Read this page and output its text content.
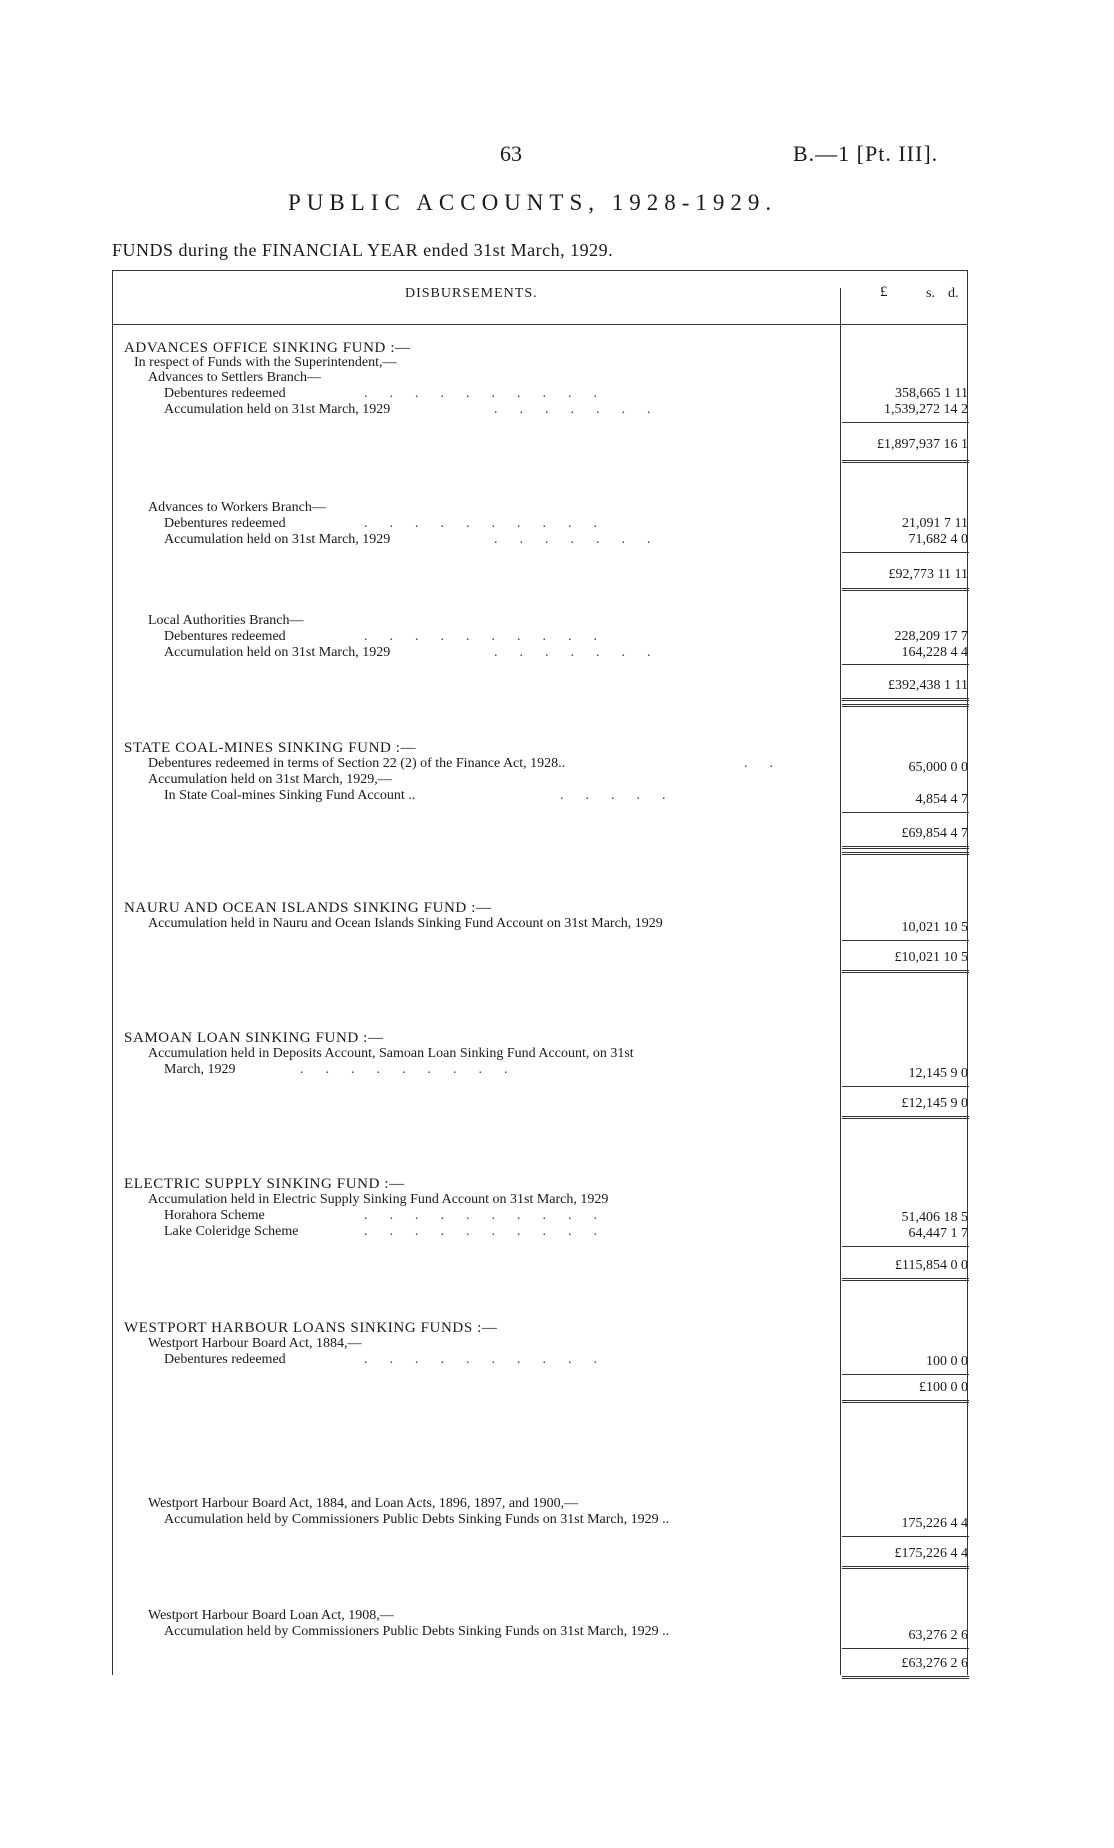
63	B.—1 [Pt. III].
PUBLIC ACCOUNTS, 1928-1929.
FUNDS during the FINANCIAL YEAR ended 31st March, 1929.
DISBURSEMENTS.	£	s. d.
ADVANCES OFFICE SINKING FUND :—
In respect of Funds with the Superintendent,—
Advances to Settlers Branch—
Debentures redeemed	..........	358,665 1 11
Accumulation held on 31st March, 1929	.......	1,539,272 14 2
£1,897,937 16 1
Advances to Workers Branch—
Debentures redeemed	..........	21,091 7 11
Accumulation held on 31st March, 1929	.......	71,682 4 0
£92,773 11 11
Local Authorities Branch—
Debentures redeemed	..........	228,209 17 7
Accumulation held on 31st March, 1929	.......	164,228 4 4
£392,438 1 11
STATE COAL-MINES SINKING FUND :—
Debentures redeemed in terms of Section 22 (2) of the Finance Act, 1928..	..	65,000 0 0
Accumulation held on 31st March, 1929,—
In State Coal-mines Sinking Fund Account ..	.....	4,854 4 7
£69,854 4 7
NAURU AND OCEAN ISLANDS SINKING FUND :—
Accumulation held in Nauru and Ocean Islands Sinking Fund Account on 31st March, 1929	10,021 10 5
£10,021 10 5
SAMOAN LOAN SINKING FUND :—
Accumulation held in Deposits Account, Samoan Loan Sinking Fund Account, on 31st
March, 1929	.........	12,145 9 0
£12,145 9 0
ELECTRIC SUPPLY SINKING FUND :—
Accumulation held in Electric Supply Sinking Fund Account on 31st March, 1929
Horahora Scheme	..........	51,406 18 5
Lake Coleridge Scheme	..........	64,447 1 7
£115,854 0 0
WESTPORT HARBOUR LOANS SINKING FUNDS :—
Westport Harbour Board Act, 1884,—
Debentures redeemed	..........	100 0 0
£100 0 0
Westport Harbour Board Act, 1884, and Loan Acts, 1896, 1897, and 1900,—
Accumulation held by Commissioners Public Debts Sinking Funds on 31st March, 1929 ..	175,226 4 4
£175,226 4 4
Westport Harbour Board Loan Act, 1908,—
Accumulation held by Commissioners Public Debts Sinking Funds on 31st March, 1929 ..	63,276 2 6
£63,276 2 6
